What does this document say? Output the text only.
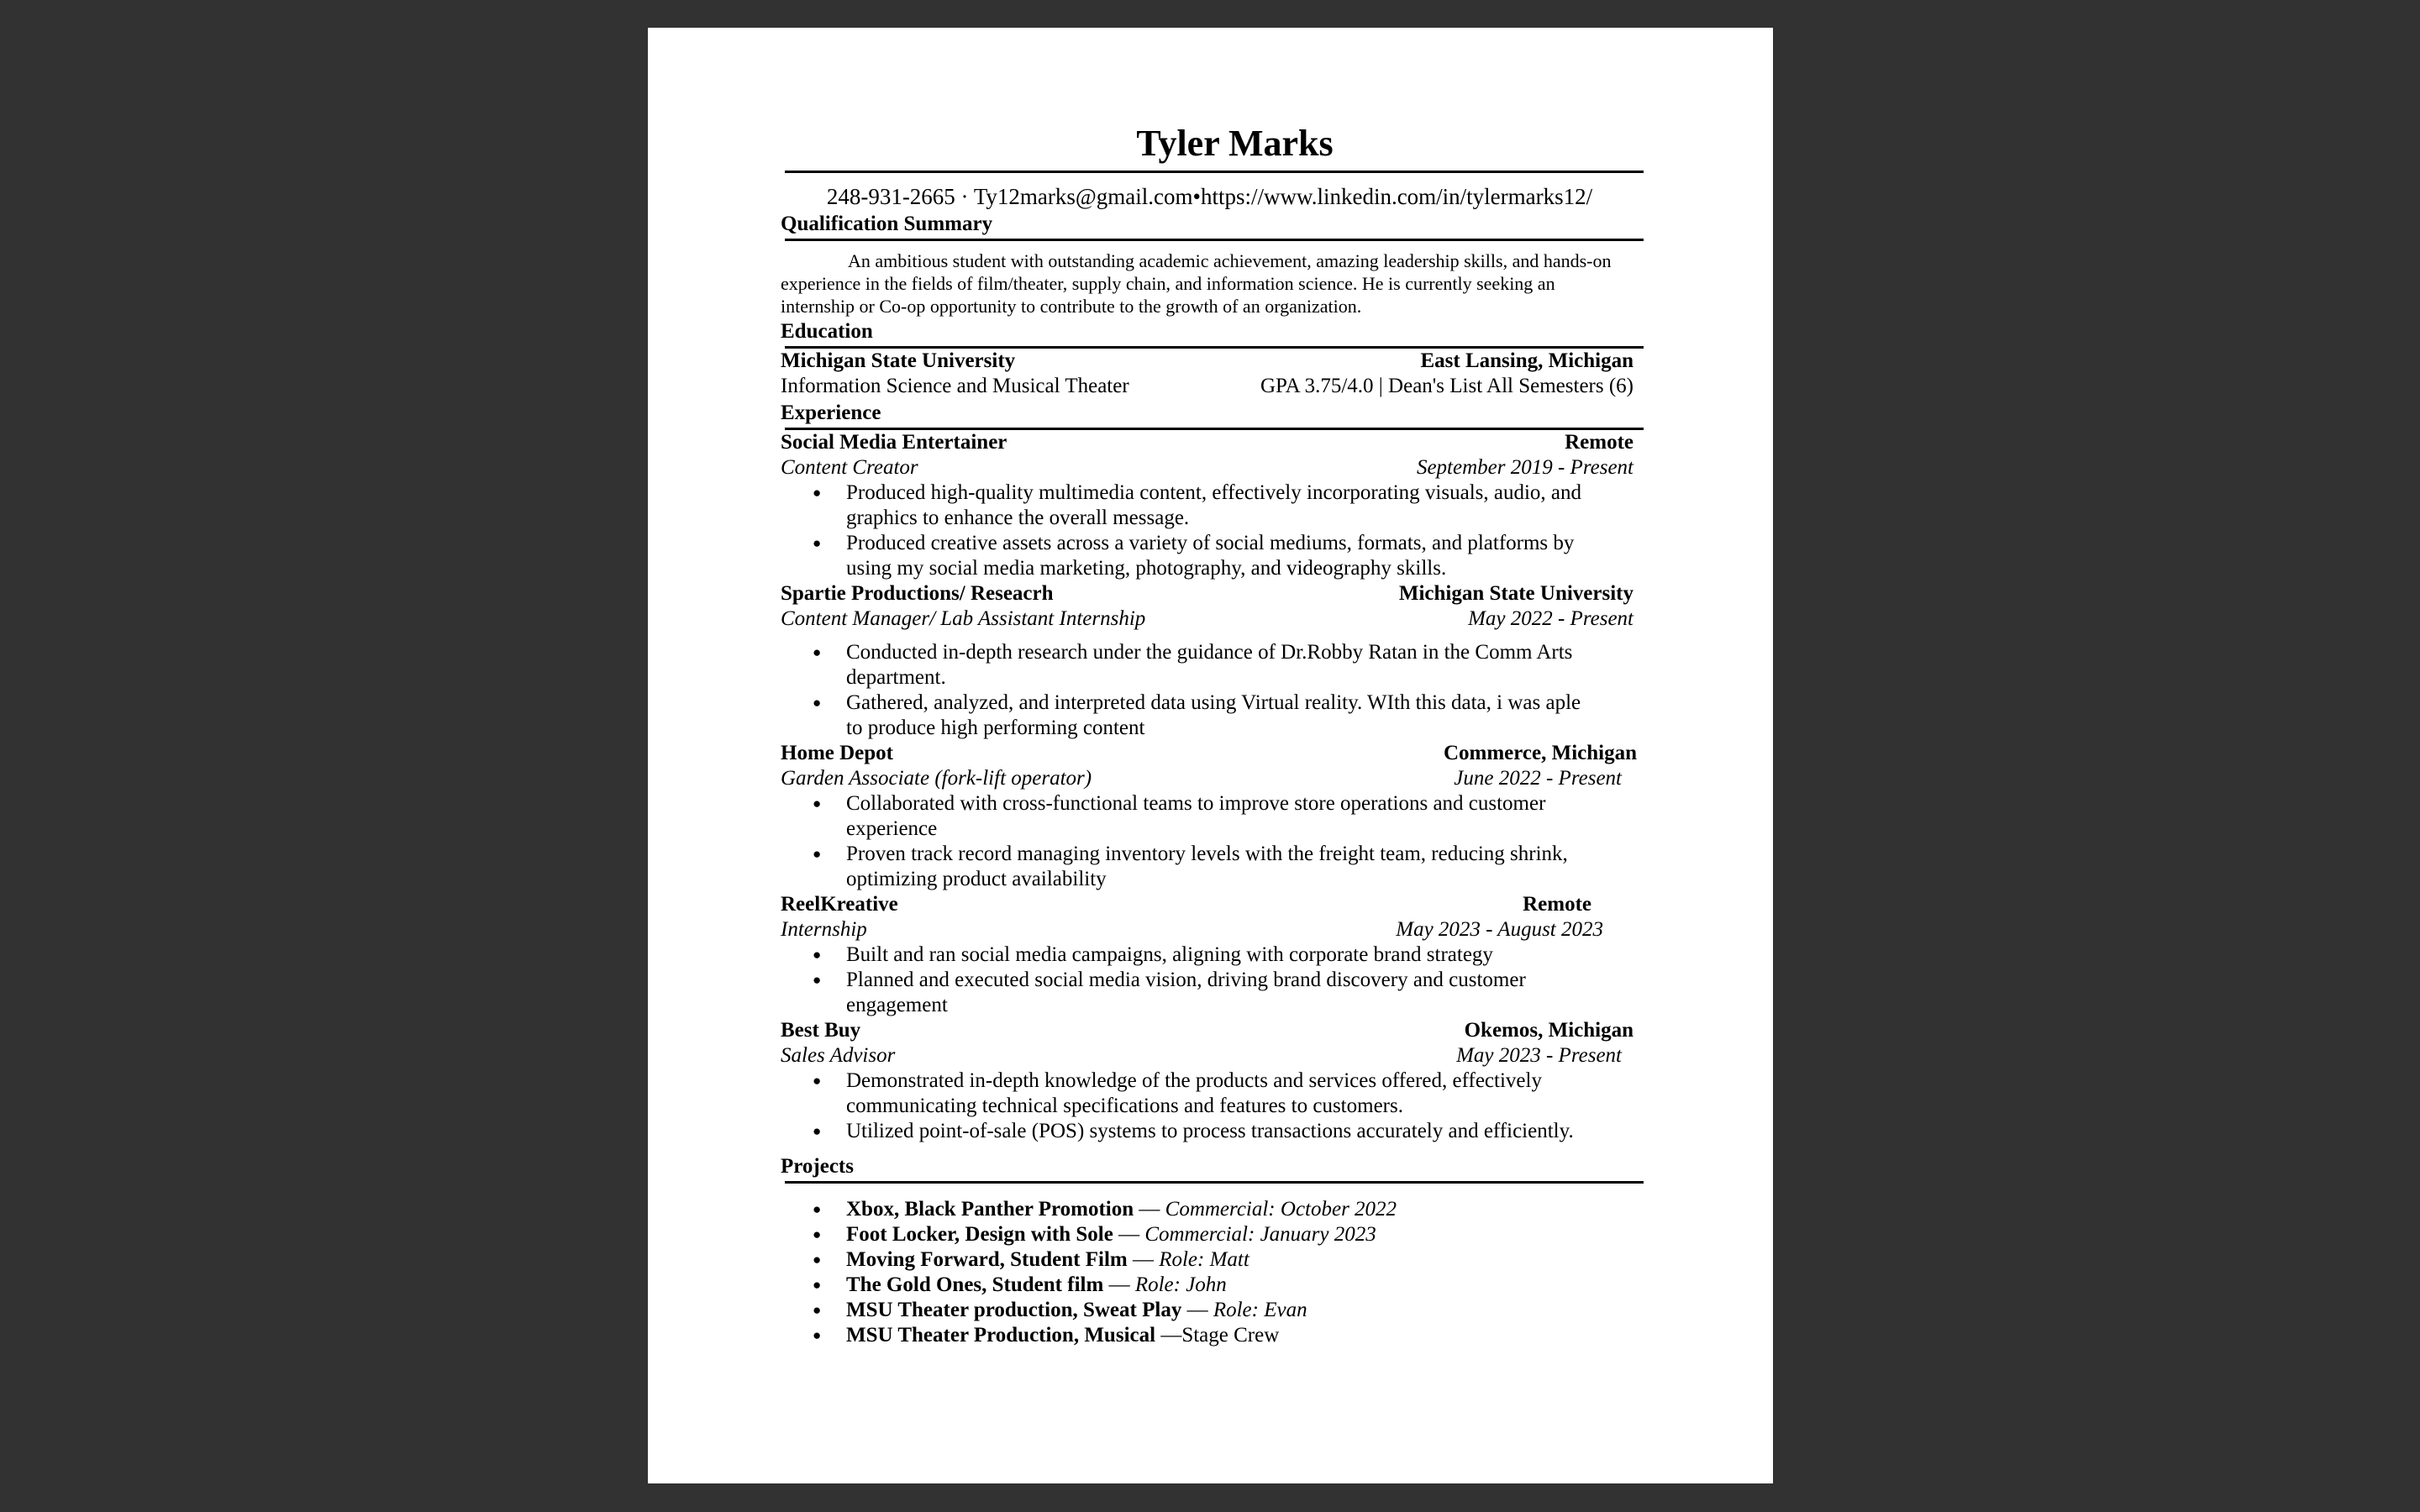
Tyler Marks
248-931-2665 · Ty12marks@gmail.com•https://www.linkedin.com/in/tylermarks12/
Qualification Summary
An ambitious student with outstanding academic achievement, amazing leadership skills, and hands-on experience in the fields of film/theater, supply chain, and information science. He is currently seeking an internship or Co-op opportunity to contribute to the growth of an organization.
Education
Michigan State University	East Lansing, Michigan
Information Science and Musical Theater	GPA 3.75/4.0 | Dean's List All Semesters (6)
Experience
Social Media Entertainer	Remote
Content Creator	September 2019 - Present
● Produced high-quality multimedia content, effectively incorporating visuals, audio, and graphics to enhance the overall message.
● Produced creative assets across a variety of social mediums, formats, and platforms by using my social media marketing, photography, and videography skills.
Spartie Productions/ Reseacrh	Michigan State University
Content Manager/ Lab Assistant Internship	May 2022 - Present
● Conducted in-depth research under the guidance of Dr.Robby Ratan in the Comm Arts department.
● Gathered, analyzed, and interpreted data using Virtual reality. WIth this data, i was aple to produce high performing content
Home Depot	Commerce, Michigan
Garden Associate (fork-lift operator)	June 2022 - Present
● Collaborated with cross-functional teams to improve store operations and customer experience
● Proven track record managing inventory levels with the freight team, reducing shrink, optimizing product availability
ReelKreative	Remote
Internship	May 2023 - August 2023
● Built and ran social media campaigns, aligning with corporate brand strategy
● Planned and executed social media vision, driving brand discovery and customer engagement
Best Buy	Okemos, Michigan
Sales Advisor	May 2023 - Present
● Demonstrated in-depth knowledge of the products and services offered, effectively communicating technical specifications and features to customers.
● Utilized point-of-sale (POS) systems to process transactions accurately and efficiently.
Projects
● Xbox, Black Panther Promotion — Commercial: October 2022
● Foot Locker, Design with Sole — Commercial: January 2023
● Moving Forward, Student Film — Role: Matt
● The Gold Ones, Student film — Role: John
● MSU Theater production, Sweat Play — Role: Evan
● MSU Theater Production, Musical —Stage Crew
